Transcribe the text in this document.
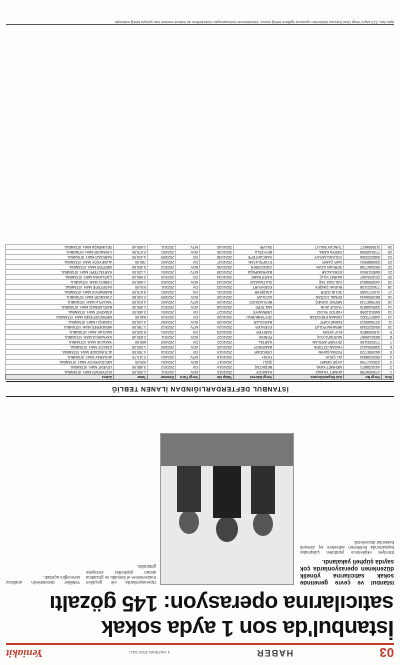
03
HABER
4 HAZİRAN 2024 SALI
Yeniakit
İstanbul'da son 1 ayda sokak
satıcılarına operasyon: 145 gözaltı
İstanbul ve çevre genelinde sokak satıcılarına yönelik düzenlenen operasyonlarda çok sayıda şüpheli yakalandı.

Emniyet ekiplerince yürütülen çalışmalar kapsamında belirlenen adreslere eş zamanlı baskınlar düzenlendi.

Operasyonlarda ele geçirilen malzemelere el konuldu ve gözaltına alınan şüpheliler emniyete götürüldü.

Yetkililer denetimlerin aralıksız süreceğini açıkladı.

İSTANBUL DEFTERDARLIĞINDAN İLANEN TEBLİĞ
Sıra	Vergi No	Adı Soyadı/Unvanı	Vergi Dairesi	Takip No	Vergi Türü	Dönemi	Tutar	Adres
1	1730056789	AHMET YILMAZ	KADIKÖY	2024/115	KDV	2023/11	1.250,00	KOZYATAĞI MAH. İSTANBUL
2	4410238871	MEHMET KAYA	BEŞİKTAŞ	2024/116	GV	2023/12	3.480,50	LEVENT MAH. İSTANBUL
3	2290417765	AYŞE DEMİR	ŞİŞLİ	2024/117	KDV	2024/01	920,00	MECİDİYEKÖY MAH. İSTANBUL
4	5520198834	ALİ ÇELİK	FATİH	2024/118	MTV	2024/01	2.115,75	AKSARAY MAH. İSTANBUL
5	6610087723	FATMA ŞAHİN	ÜSKÜDAR	2024/119	GV	2023/10	4.760,00	ALTUNİZADE MAH. İSTANBUL
6	3380554412	HASAN ÖZTÜRK	BAKIRKÖY	2024/120	KDV	2023/09	1.005,20	ATAKÖY MAH. İSTANBUL
7	7720331190	ZEYNEP ARSLAN	KARTAL	2024/121	DV	2024/02	655,00	YAKACIK MAH. İSTANBUL
8	8830145567	MUSTAFA KOÇ	PENDİK	2024/122	KDV	2023/11	2.890,40	KAYNARCA MAH. İSTANBUL
9	1150998876	ELİF AYDIN	SARIYER	2024/123	GV	2024/01	5.320,00	MASLAK MAH. İSTANBUL
10	9940223345	İBRAHİM POLAT	ESENLER	2024/124	MTV	2023/12	1.780,90	MENDERES MAH. İSTANBUL
11	2270665512	EMİNE KURT	BAĞCILAR	2024/125	KDV	2024/02	3.145,00	GÜNEŞLİ MAH. İSTANBUL
12	4480773321	OSMAN ERDOĞAN	ZEYTİNBURNU	2024/126	DV	2023/10	845,60	MERKEZEFENDİ MAH. İSTANBUL
13	6650112298	HATİCE YILDIZ	ÜMRANİYE	2024/127	GV	2024/01	2.460,00	ATAKENT MAH. İSTANBUL
14	3390448876	YUSUF AKIN	MALTEPE	2024/128	KDV	2023/12	1.395,30	BAĞLARBAŞI MAH. İSTANBUL
15	5570887743	MERVE GÜNEŞ	BEYLİKDÜZÜ	2024/129	MTV	2024/02	4.010,00	YAKUPLU MAH. İSTANBUL
16	8810556634	KEMAL DOĞAN	AVCILAR	2024/130	KDV	2023/09	2.240,80	CİHANGİR MAH. İSTANBUL
17	1120774455	SELİN ÖZER	ATAŞEHİR	2024/131	GV	2024/01	3.670,00	BARBAROS MAH. İSTANBUL
18	7760221198	BURAK ŞİMŞEK	ESENYURT	2024/132	DV	2023/11	910,50	İNCİRTEPE MAH. İSTANBUL
19	4430998812	GÜLSÜM TAŞ	SULTANGAZİ	2024/133	KDV	2024/02	1.560,00	CEBECİ MAH. İSTANBUL
20	2210334467	MURAT KILIÇ	KAĞITHANE	2024/134	GV	2023/10	2.985,25	ÇAĞLAYAN MAH. İSTANBUL
21	6690115543	ESRA ACAR	BAYRAMPAŞA	2024/135	MTV	2024/01	1.120,00	KARTALTEPE MAH. İSTANBUL
22	9920667788	SERKAN UZUN	GÜNGÖREN	2024/136	KDV	2023/12	3.305,60	MERTER MAH. İSTANBUL
23	3350889921	NUR ÇAKIR	EYÜPSULTAN	2024/137	DV	2024/02	780,00	ALİBEYKÖY MAH. İSTANBUL
24	5580223356	VOLKAN AKSOY	SANCAKTEPE	2024/138	GV	2023/09	4.415,90	SARIGAZİ MAH. İSTANBUL
25	7730445598	DERYA KARA	BEYOĞLU	2024/139	KDV	2024/01	2.075,00	CİHANGİR MAH. İSTANBUL
26	1190556677	TUNCAY BULUT	SİLİVRİ	2024/140	MTV	2023/11	1.690,40	SELİMPAŞA MAH. İSTANBUL
İşbu ilan, 213 sayılı Vergi Usul Kanunu hükümleri uyarınca ilgililere tebliğ olunur. Adreslerinde bulunamayan mükelleflere ait ödeme emirleri ilan yoluyla tebliğ edilmiştir.
